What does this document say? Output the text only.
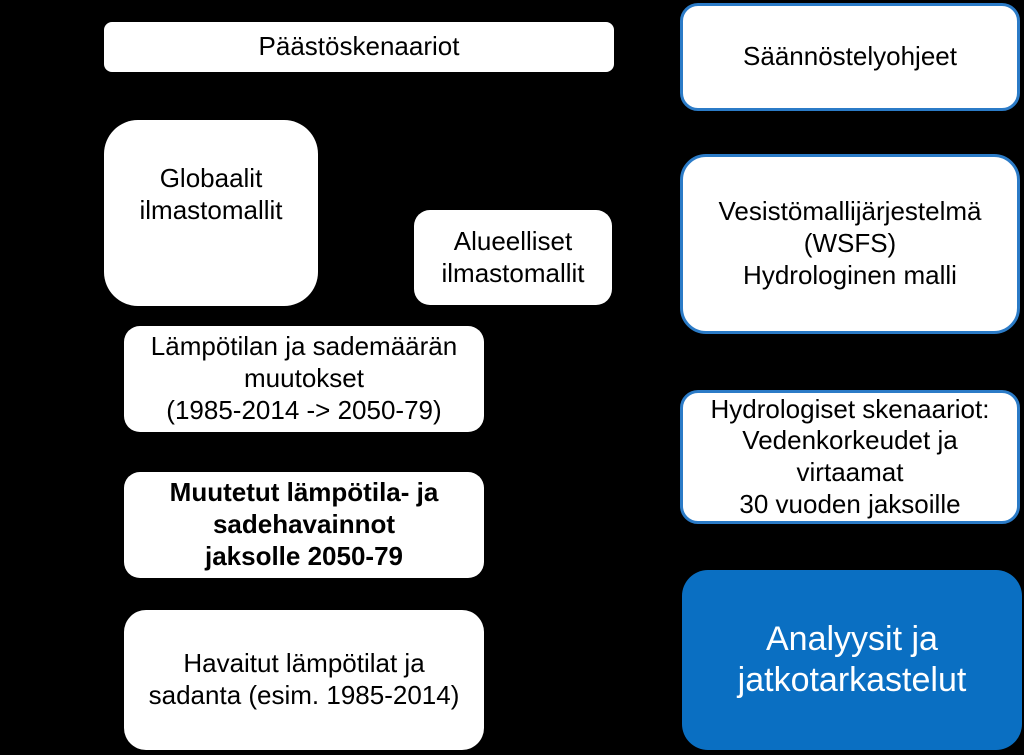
Päästöskenaariot
Globaalit
ilmastomallit
Alueelliset
ilmastomallit
Lämpötilan ja sademäärän
muutokset
(1985-2014 -> 2050-79)
Muutetut lämpötila- ja
sadehavainnot
jaksolle 2050-79
Havaitut lämpötilat ja
sadanta (esim. 1985-2014)
Säännöstelyohjeet
Vesistömallijärjestelmä
(WSFS)
Hydrologinen malli
Hydrologiset skenaariot:
Vedenkorkeudet ja
virtaamat
30 vuoden jaksoille
Analyysit ja
jatkotarkastelut
